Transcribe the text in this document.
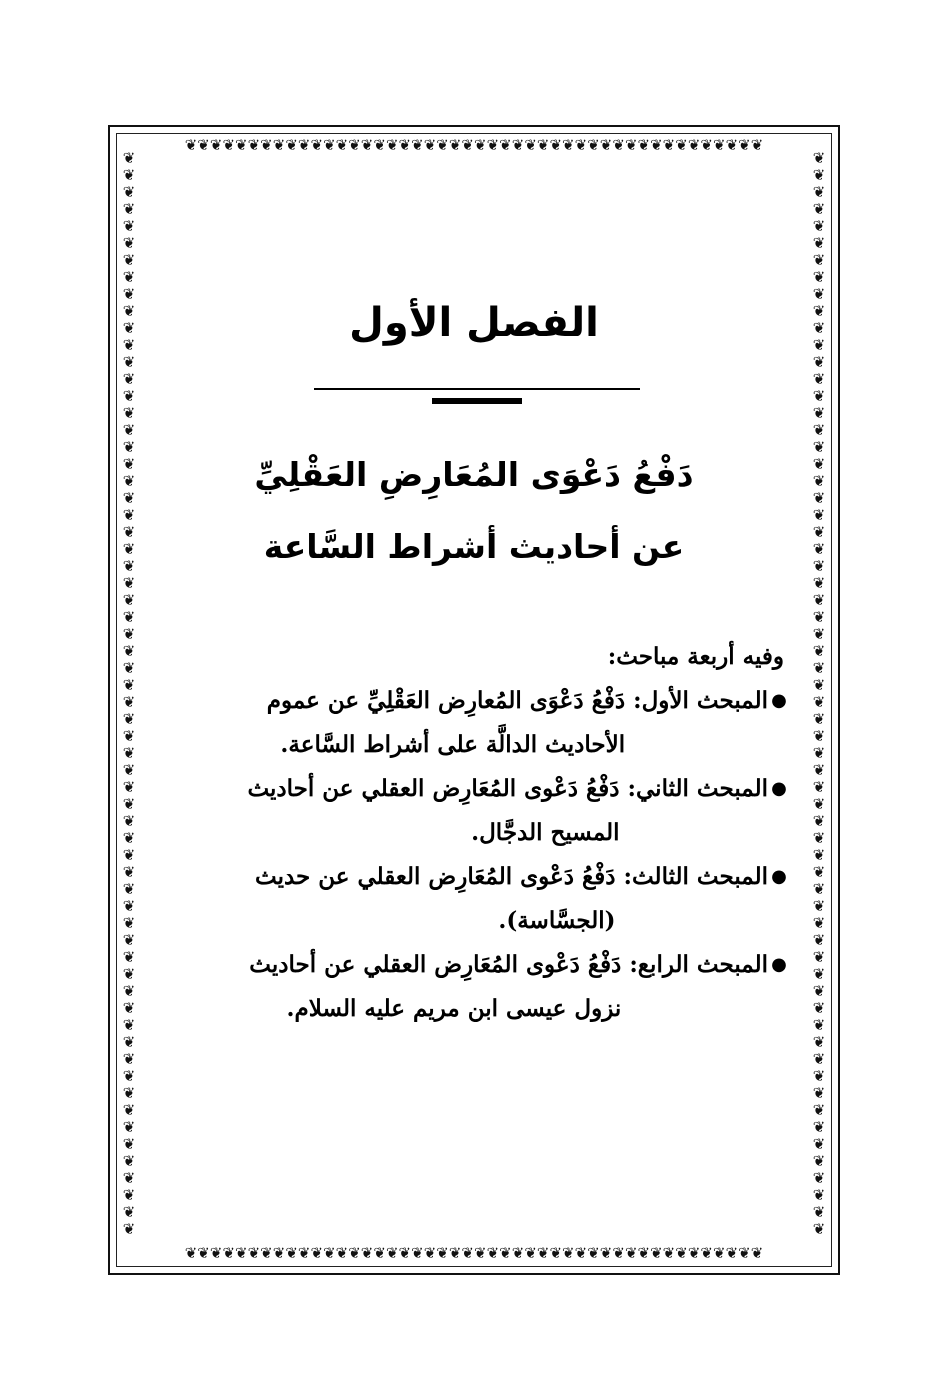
❦ ❦ ❦ ❦ ❦ ❦ ❦ ❦ ❦ ❦ ❦ ❦ ❦ ❦ ❦ ❦ ❦ ❦ ❦ ❦ ❦ ❦ ❦ ❦ ❦ ❦ ❦ ❦ ❦ ❦ ❦ ❦ ❦ ❦ ❦ ❦ ❦ ❦ ❦ ❦ ❦ ❦ ❦ ❦ ❦ ❦
❦ ❦ ❦ ❦ ❦ ❦ ❦ ❦ ❦ ❦ ❦ ❦ ❦ ❦ ❦ ❦ ❦ ❦ ❦ ❦ ❦ ❦ ❦ ❦ ❦ ❦ ❦ ❦ ❦ ❦ ❦ ❦ ❦ ❦ ❦ ❦ ❦ ❦ ❦ ❦ ❦ ❦ ❦ ❦ ❦ ❦
❦
❦
❦
❦
❦
❦
❦
❦
❦
❦
❦
❦
❦
❦
❦
❦
❦
❦
❦
❦
❦
❦
❦
❦
❦
❦
❦
❦
❦
❦
❦
❦
❦
❦
❦
❦
❦
❦
❦
❦
❦
❦
❦
❦
❦
❦
❦
❦
❦
❦
❦
❦
❦
❦
❦
❦
❦
❦
❦
❦
❦
❦
❦
❦
❦
❦
❦
❦
❦
❦
❦
❦
❦
❦
❦
❦
❦
❦
❦
❦
❦
❦
❦
❦
❦
❦
❦
❦
❦
❦
❦
❦
❦
❦
❦
❦
❦
❦
❦
❦
❦
❦
❦
❦
❦
❦
❦
❦
❦
❦
❦
❦
❦
❦
❦
❦
❦
❦
❦
❦
❦
❦
❦
❦
❦
❦
❦
❦
الفصل الأول
دَفْعُ دَعْوَى المُعَارِضِ العَقْلِيِّ
عن أحاديث أشراط السَّاعة

وفيه أربعة مباحث:

●
المبحث الأول:
دَفْعُ دَعْوَى المُعارِض العَقْلِيِّ عن عموم
الأحاديث الدالَّة على أشراط السَّاعة.
●
المبحث الثاني:
دَفْعُ دَعْوى المُعَارِض العقلي عن أحاديث
المسيح الدجَّال.
●
المبحث الثالث:
دَفْعُ دَعْوى المُعَارِض العقلي عن حديث
(الجسَّاسة).
●
المبحث الرابع:
دَفْعُ دَعْوى المُعَارِض العقلي عن أحاديث
نزول عيسى ابن مريم عليه السلام.
